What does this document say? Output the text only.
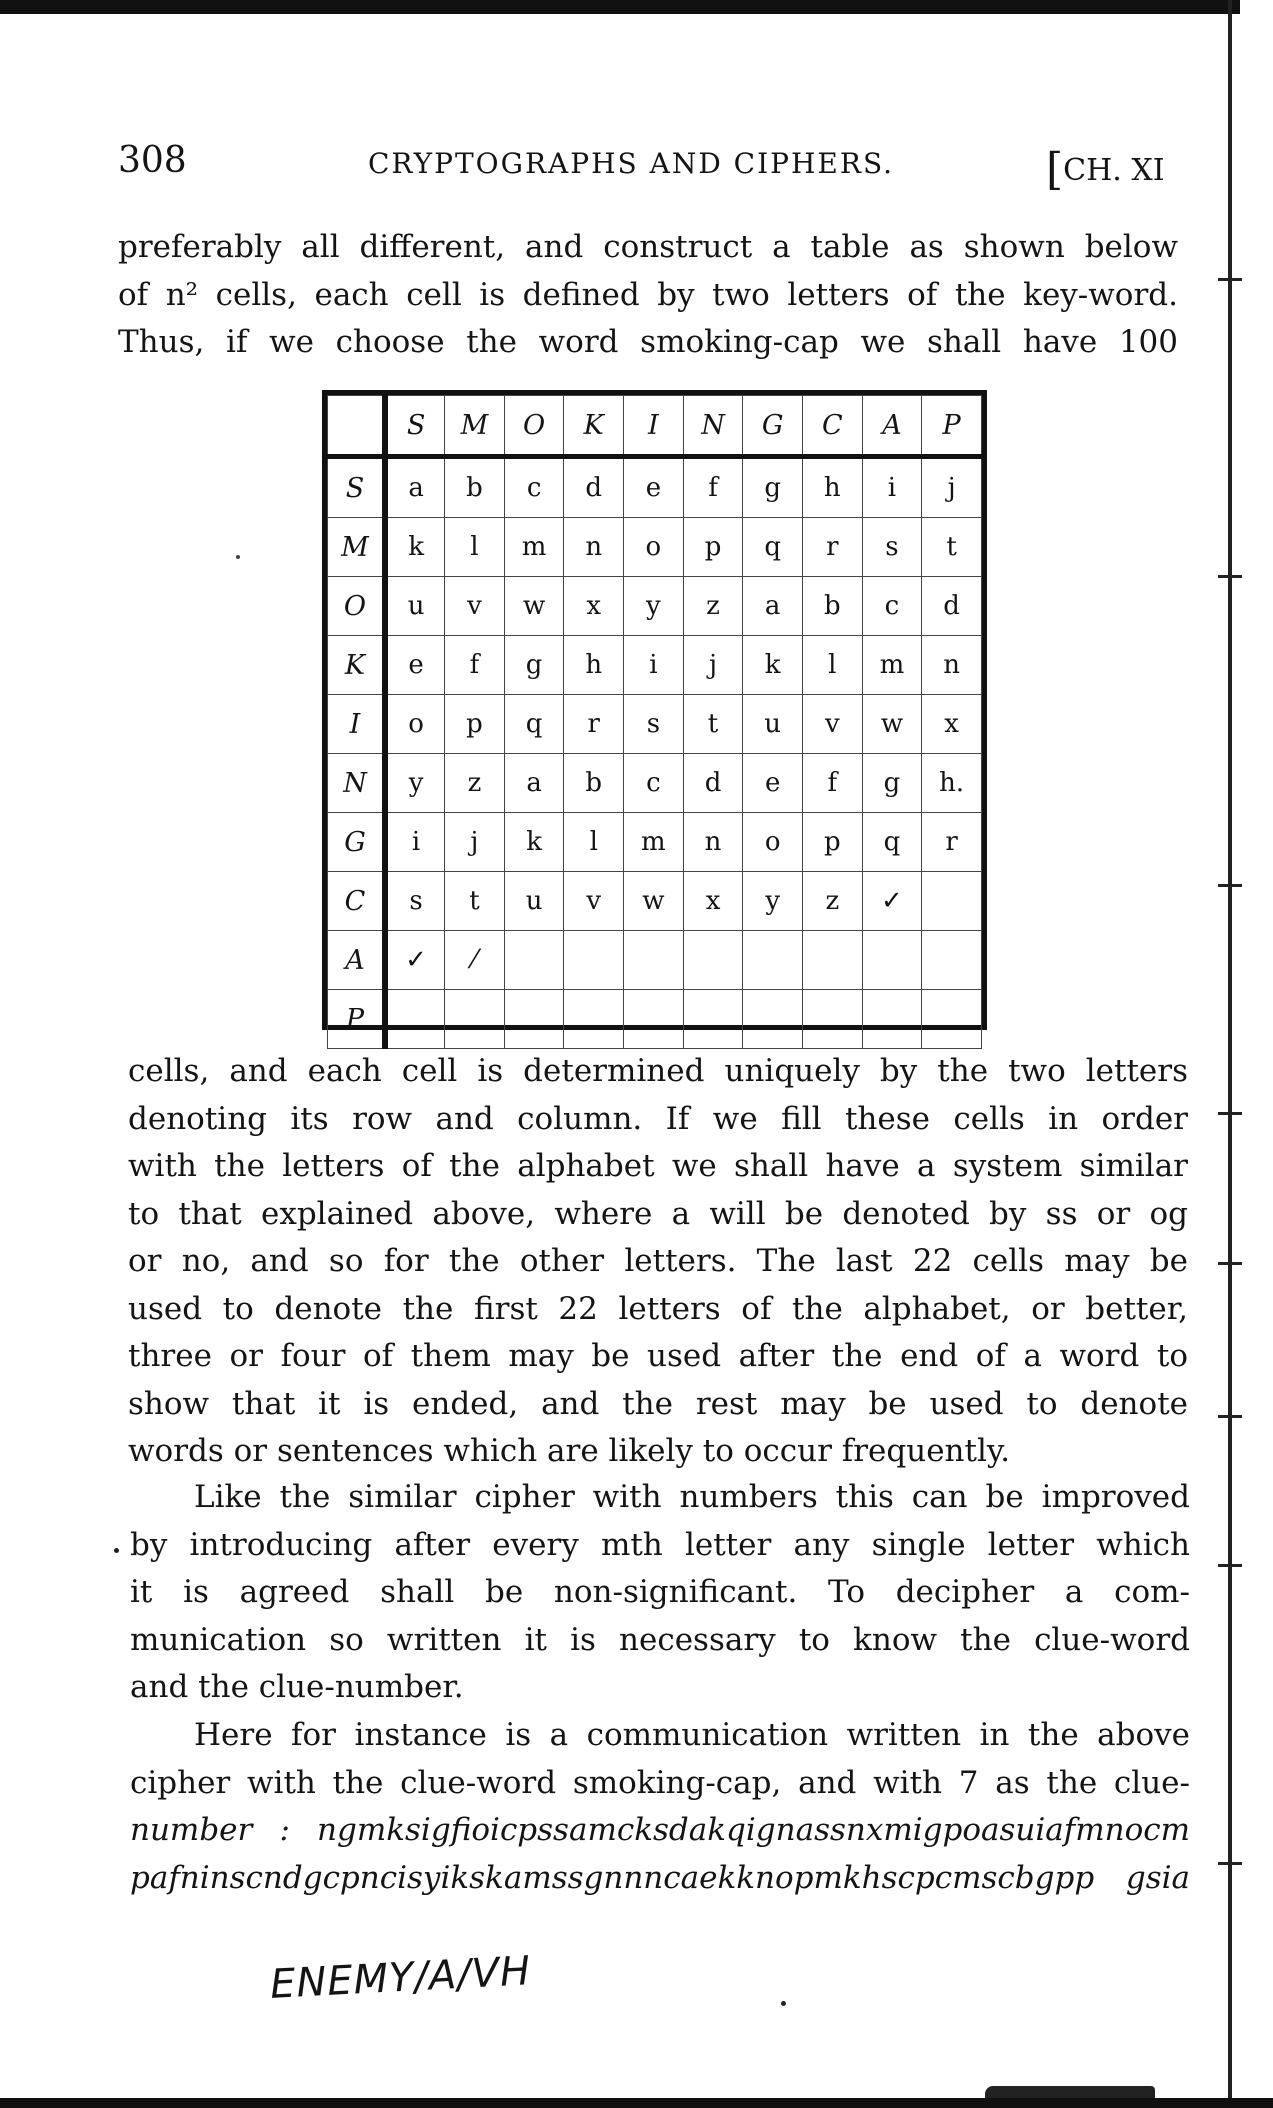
308	CRYPTOGRAPHS AND CIPHERS.	[CH. XI
preferably all different, and construct a table as shown below
of n² cells, each cell is defined by two letters of the key-word.
Thus, if we choose the word smoking-cap we shall have 100
	S	M	O	K	I	N	G	C	A	P
S	a	b	c	d	e	f	g	h	i	j
M	k	l	m	n	o	p	q	r	s	t
O	u	v	w	x	y	z	a	b	c	d
K	e	f	g	h	i	j	k	l	m	n
I	o	p	q	r	s	t	u	v	w	x
N	y	z	a	b	c	d	e	f	g	h.
G	i	j	k	l	m	n	o	p	q	r
C	s	t	u	v	w	x	y	z	✓	
A	✓	⁄								
P										
cells, and each cell is determined uniquely by the two letters
denoting its row and column. If we fill these cells in order
with the letters of the alphabet we shall have a system similar
to that explained above, where a will be denoted by ss or og
or no, and so for the other letters. The last 22 cells may be
used to denote the first 22 letters of the alphabet, or better,
three or four of them may be used after the end of a word to
show that it is ended, and the rest may be used to denote
words or sentences which are likely to occur frequently.
Like the similar cipher with numbers this can be improved
by introducing after every mth letter any single letter which
it is agreed shall be non-significant. To decipher a com-
munication so written it is necessary to know the clue-word
and the clue-number.
Here for instance is a communication written in the above
cipher with the clue-word smoking-cap, and with 7 as the clue-
number : ngmksigfioicpssamcksdakqignassnxmigpoasuiafmnocm
pafninscndgcpncisyikskamssgnnncaekknopmkhscpcmscbgpp gsia
ENEMY/A/VH
